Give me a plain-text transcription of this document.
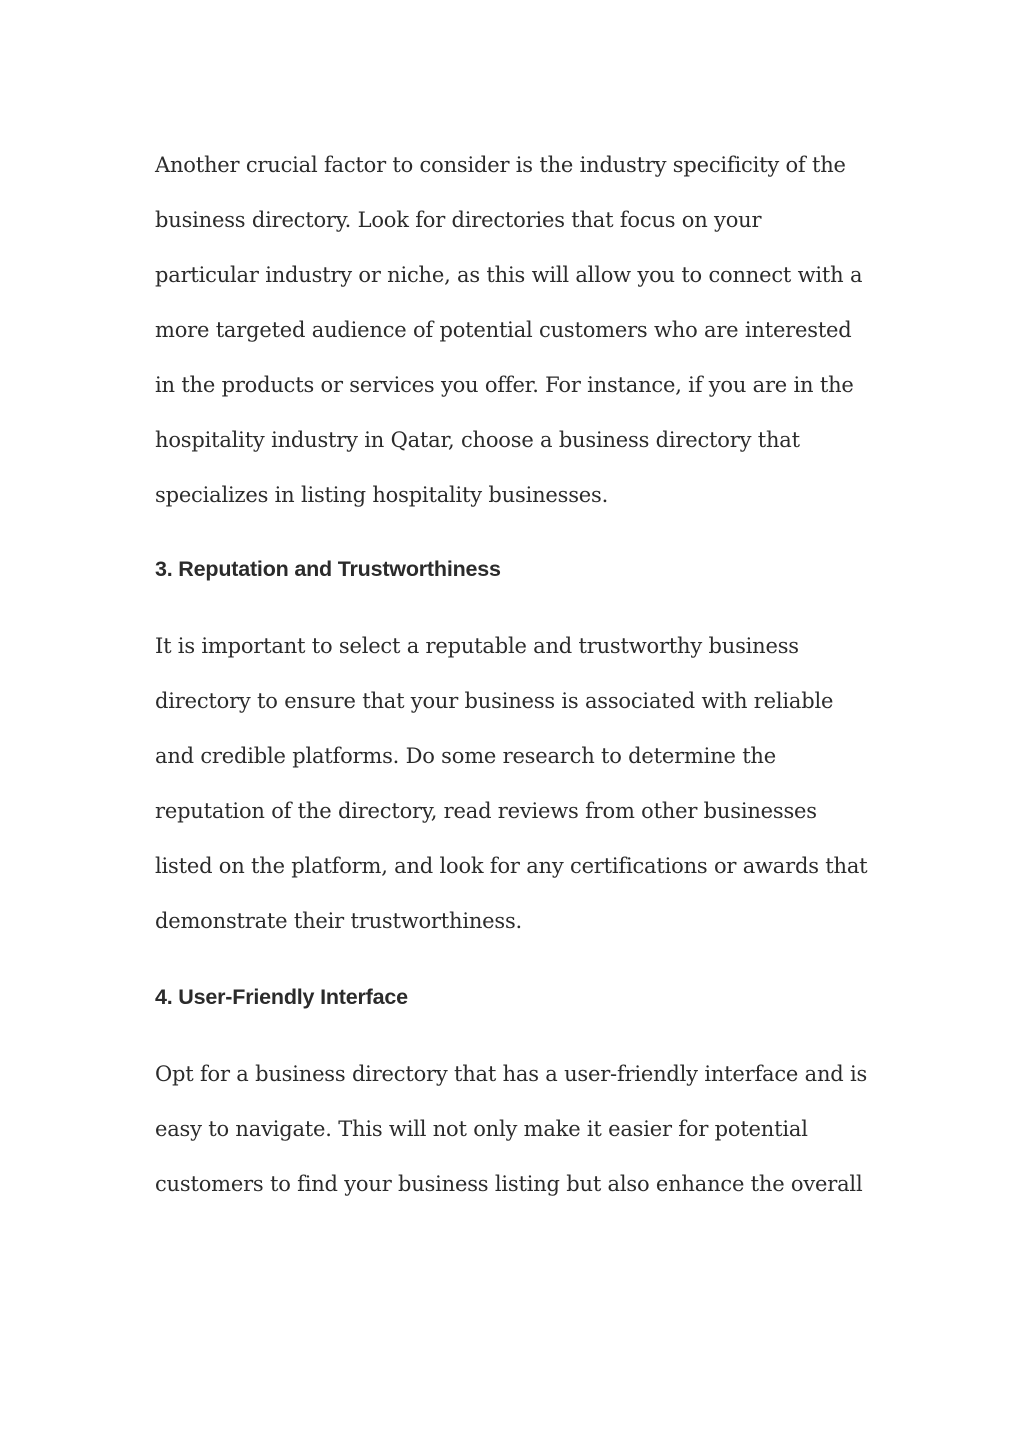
Another crucial factor to consider is the industry specificity of the
business directory. Look for directories that focus on your
particular industry or niche, as this will allow you to connect with a
more targeted audience of potential customers who are interested
in the products or services you offer. For instance, if you are in the
hospitality industry in Qatar, choose a business directory that
specializes in listing hospitality businesses.

3. Reputation and Trustworthiness

It is important to select a reputable and trustworthy business
directory to ensure that your business is associated with reliable
and credible platforms. Do some research to determine the
reputation of the directory, read reviews from other businesses
listed on the platform, and look for any certifications or awards that
demonstrate their trustworthiness.

4. User-Friendly Interface

Opt for a business directory that has a user-friendly interface and is
easy to navigate. This will not only make it easier for potential
customers to find your business listing but also enhance the overall
